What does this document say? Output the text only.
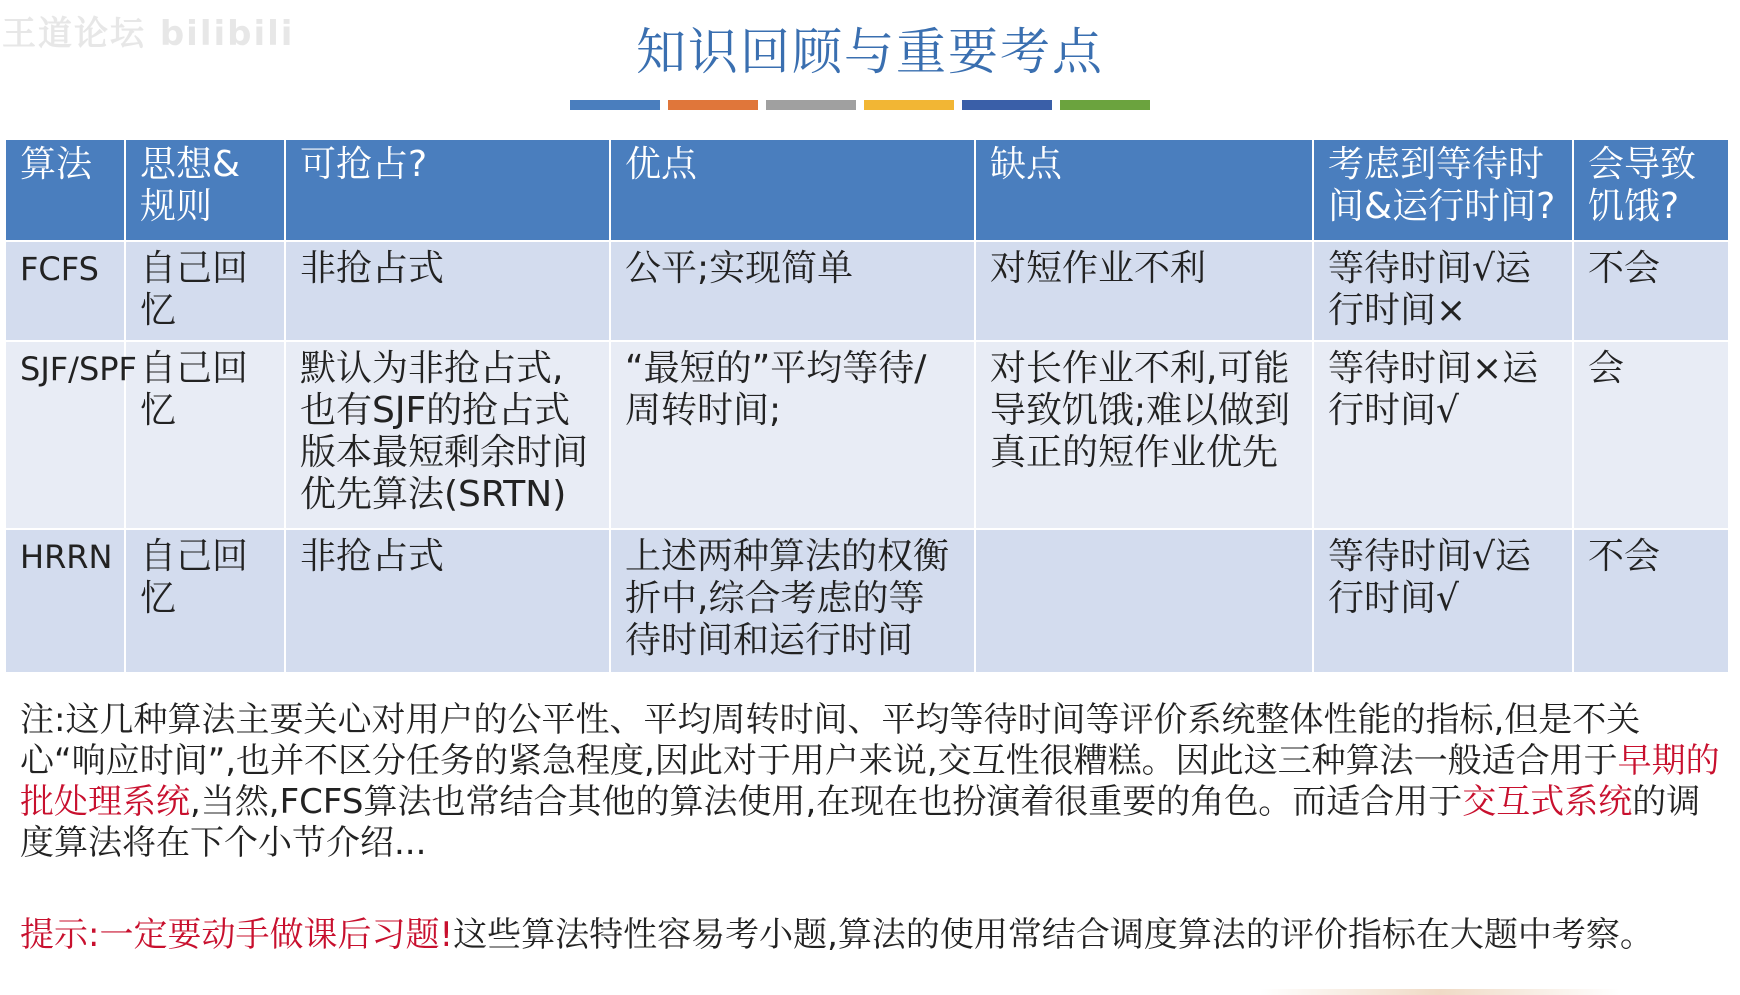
王道论坛 bilibili	知识回顾与重要考点
算法	思想&规则	可抢占?	优点	缺点	考虑到等待时间&运行时间?	会导致饥饿?
FCFS	自己回忆	非抢占式	公平;实现简单	对短作业不利	等待时间√运行时间×	不会
SJF/SPF	自己回忆	默认为非抢占式,也有SJF的抢占式版本最短剩余时间优先算法(SRTN)	“最短的”平均等待/周转时间;	对长作业不利,可能导致饥饿;难以做到真正的短作业优先	等待时间×运行时间√	会
HRRN	自己回忆	非抢占式	上述两种算法的权衡折中,综合考虑的等待时间和运行时间		等待时间√运行时间√	不会
注:这几种算法主要关心对用户的公平性、平均周转时间、平均等待时间等评价系统整体性能的指标,但是不关心“响应时间”,也并不区分任务的紧急程度,因此对于用户来说,交互性很糟糕。因此这三种算法一般适合用于早期的批处理系统,当然,FCFS算法也常结合其他的算法使用,在现在也扮演着很重要的角色。而适合用于交互式系统的调度算法将在下个小节介绍...
提示:一定要动手做课后习题!这些算法特性容易考小题,算法的使用常结合调度算法的评价指标在大题中考察。
